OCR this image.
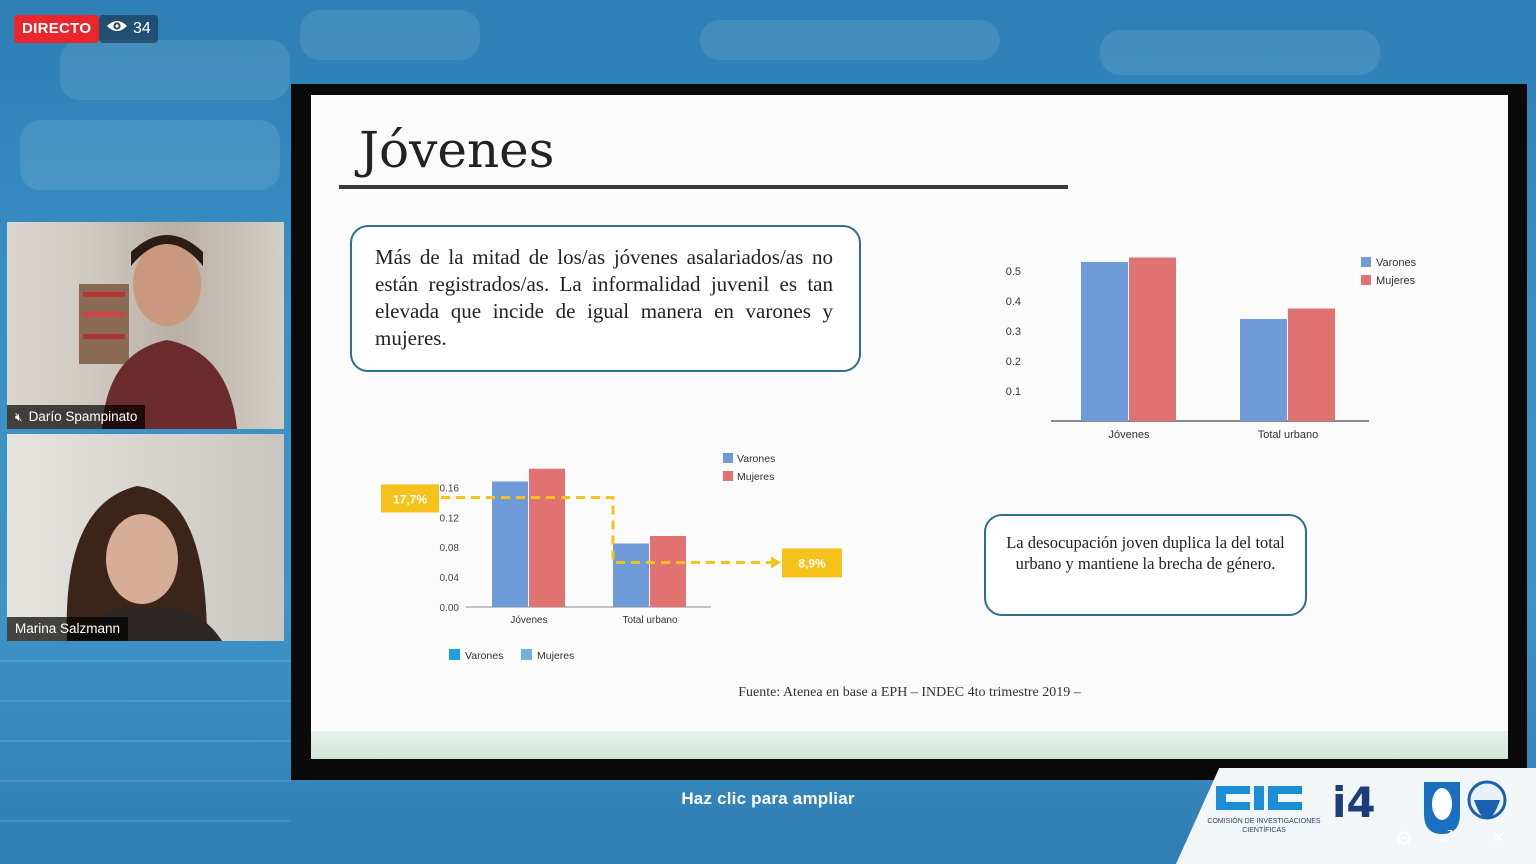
DIRECTO	34
🔇︎ Darío Spampinato
Marina Salzmann
Jóvenes

Más de la mitad de los/as jóvenes asalariados/as no están registrados/as. La informalidad juvenil es tan elevada que incide de igual manera en varones y mujeres.

0.1
0.2
0.3
0.4
0.5
Jóvenes	Total urbano
Varones
Mujeres
0.00
0.04
0.08
0.12
0.16
Jóvenes	Total urbano
17,7%
8,9%
Varones
Mujeres
Varones	Mujeres

La desocupación joven duplica la del total urbano y mantiene la brecha de género.

Fuente: Atenea en base a EPH – INDEC 4to trimestre 2019 –
Haz clic para ampliar
COMISIÓN DE INVESTIGACIONES CIENTÍFICAS
i4
⚙ ⤢ ✕
